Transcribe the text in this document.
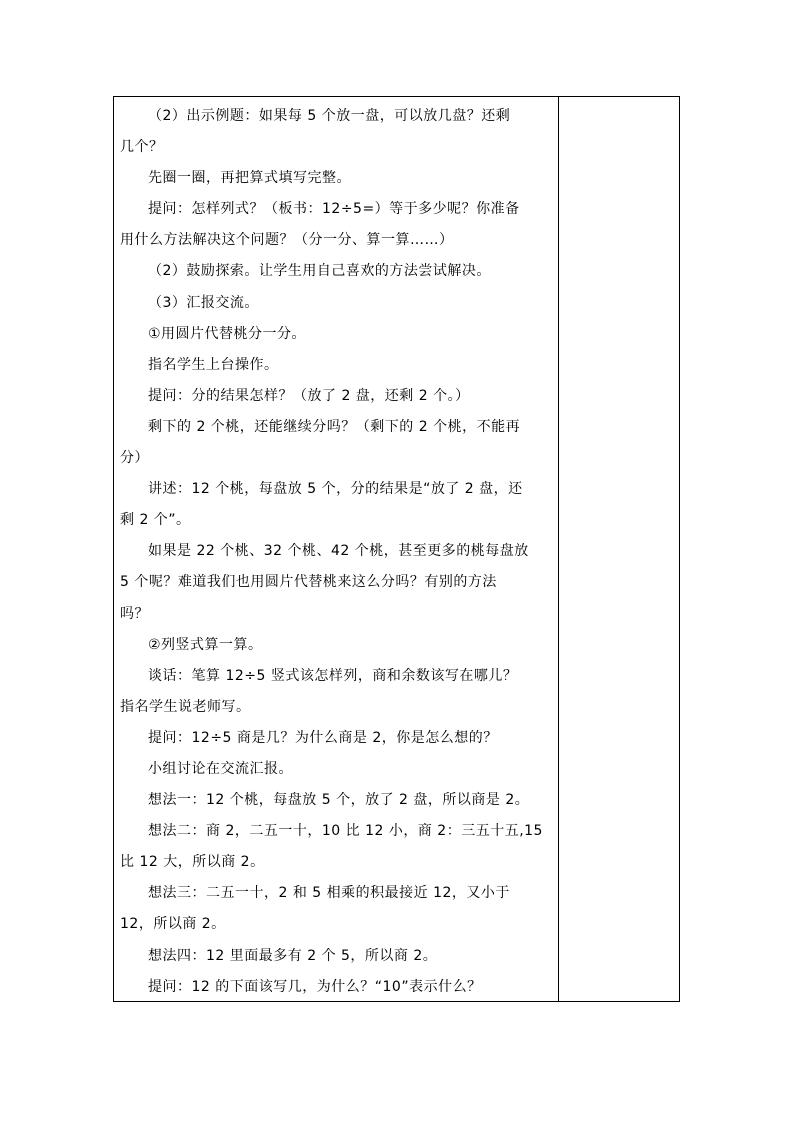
（2）出示例题：如果每 5 个放一盘，可以放几盘？还剩
几个？
先圈一圈，再把算式填写完整。
提问：怎样列式？（板书：12÷5=）等于多少呢？你准备
用什么方法解决这个问题？（分一分、算一算……）
（2）鼓励探索。让学生用自己喜欢的方法尝试解决。
（3）汇报交流。
①用圆片代替桃分一分。
指名学生上台操作。
提问：分的结果怎样？（放了 2 盘，还剩 2 个。）
剩下的 2 个桃，还能继续分吗？（剩下的 2 个桃，不能再
分）
讲述：12 个桃，每盘放 5 个，分的结果是“放了 2 盘，还
剩 2 个”。
如果是 22 个桃、32 个桃、42 个桃，甚至更多的桃每盘放
5 个呢？难道我们也用圆片代替桃来这么分吗？有别的方法
吗？
②列竖式算一算。
谈话：笔算 12÷5 竖式该怎样列，商和余数该写在哪儿？
指名学生说老师写。
提问：12÷5 商是几？为什么商是 2，你是怎么想的？
小组讨论在交流汇报。
想法一：12 个桃，每盘放 5 个，放了 2 盘，所以商是 2。
想法二：商 2，二五一十，10 比 12 小，商 2：三五十五,15
比 12 大，所以商 2。
想法三：二五一十，2 和 5 相乘的积最接近 12，又小于
12，所以商 2。
想法四：12 里面最多有 2 个 5，所以商 2。
提问：12 的下面该写几，为什么？“10”表示什么？
